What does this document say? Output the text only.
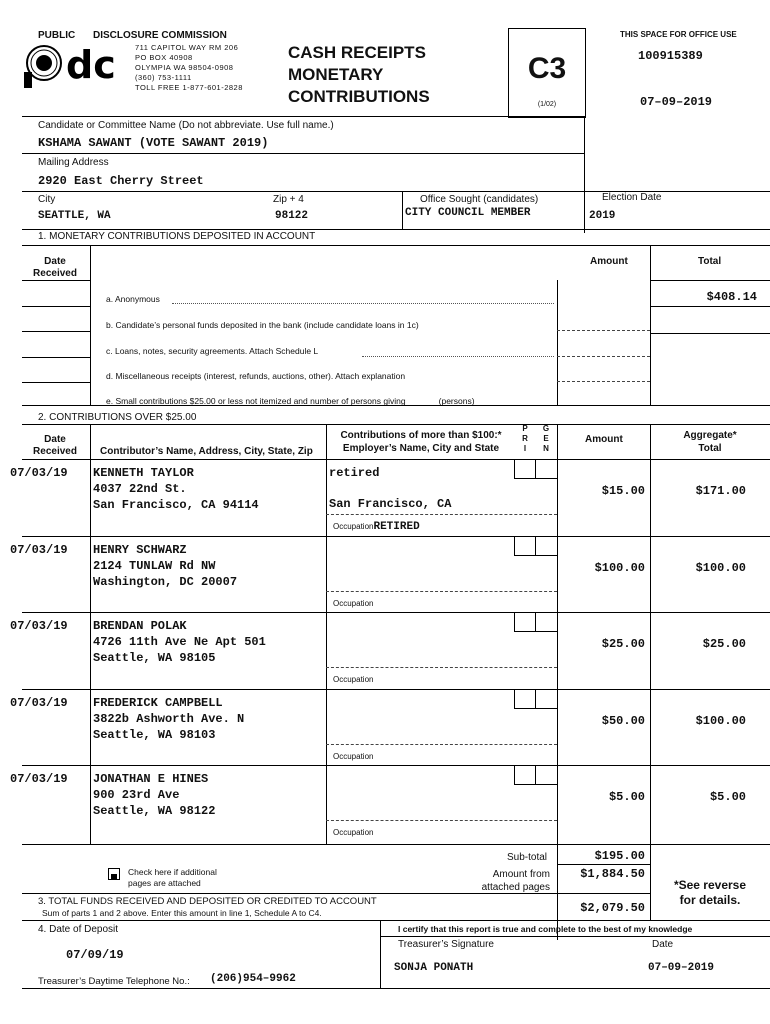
PUBLIC DISCLOSURE COMMISSION
dc	711 CAPITOL WAY RM 206
PO BOX 40908
OLYMPIA WA 98504-0908
(360) 753-1111
TOLL FREE 1-877-601-2828
CASH RECEIPTS
MONETARY
CONTRIBUTIONS
C3
(1/02)
THIS SPACE FOR OFFICE USE
100915389
07–09–2019
Candidate or Committee Name (Do not abbreviate. Use full name.)
KSHAMA SAWANT (VOTE SAWANT 2019)
Mailing Address
2920 East Cherry Street
City
SEATTLE, WA
Zip + 4
98122
Office Sought (candidates)
CITY COUNCIL MEMBER
Election Date
2019
1. MONETARY CONTRIBUTIONS DEPOSITED IN ACCOUNT
Date
Received
Amount	Total
a. Anonymous	$408.14
b. Candidate’s personal funds deposited in the bank (include candidate loans in 1c)
c. Loans, notes, security agreements. Attach Schedule L
d. Miscellaneous receipts (interest, refunds, auctions, other). Attach explanation
e. Small contributions $25.00 or less not itemized and number of persons giving ______ (persons)
2. CONTRIBUTIONS OVER $25.00
Date
Received	Contributor’s Name, Address, City, State, Zip
Contributions of more than $100:*
Employer’s Name, City and State
P R I
G E N
Amount	Aggregate*
Total
07/03/19 KENNETH TAYLOR
4037 22nd St.
San Francisco, CA 94114
retired
San Francisco, CA
OccupationRETIRED
$15.00	$171.00
07/03/19 HENRY SCHWARZ
2124 TUNLAW Rd NW
Washington, DC 20007
Occupation
$100.00	$100.00
07/03/19 BRENDAN POLAK
4726 11th Ave Ne Apt 501
Seattle, WA 98105
Occupation
$25.00	$25.00
07/03/19 FREDERICK CAMPBELL
3822b Ashworth Ave. N
Seattle, WA 98103
Occupation
$50.00	$100.00
07/03/19 JONATHAN E HINES
900 23rd Ave
Seattle, WA 98122
Occupation
$5.00	$5.00
Check here if additional
pages are attached
Sub-total	$195.00
Amount from
attached pages
$1,884.50
*See reverse
for details.
3. TOTAL FUNDS RECEIVED AND DEPOSITED OR CREDITED TO ACCOUNT
Sum of parts 1 and 2 above. Enter this amount in line 1, Schedule A to C4.	$2,079.50
4. Date of Deposit
07/09/19
I certify that this report is true and complete to the best of my knowledge
Treasurer’s Signature	Date
SONJA PONATH	07–09–2019
Treasurer’s Daytime Telephone No.: (206)954–9962
